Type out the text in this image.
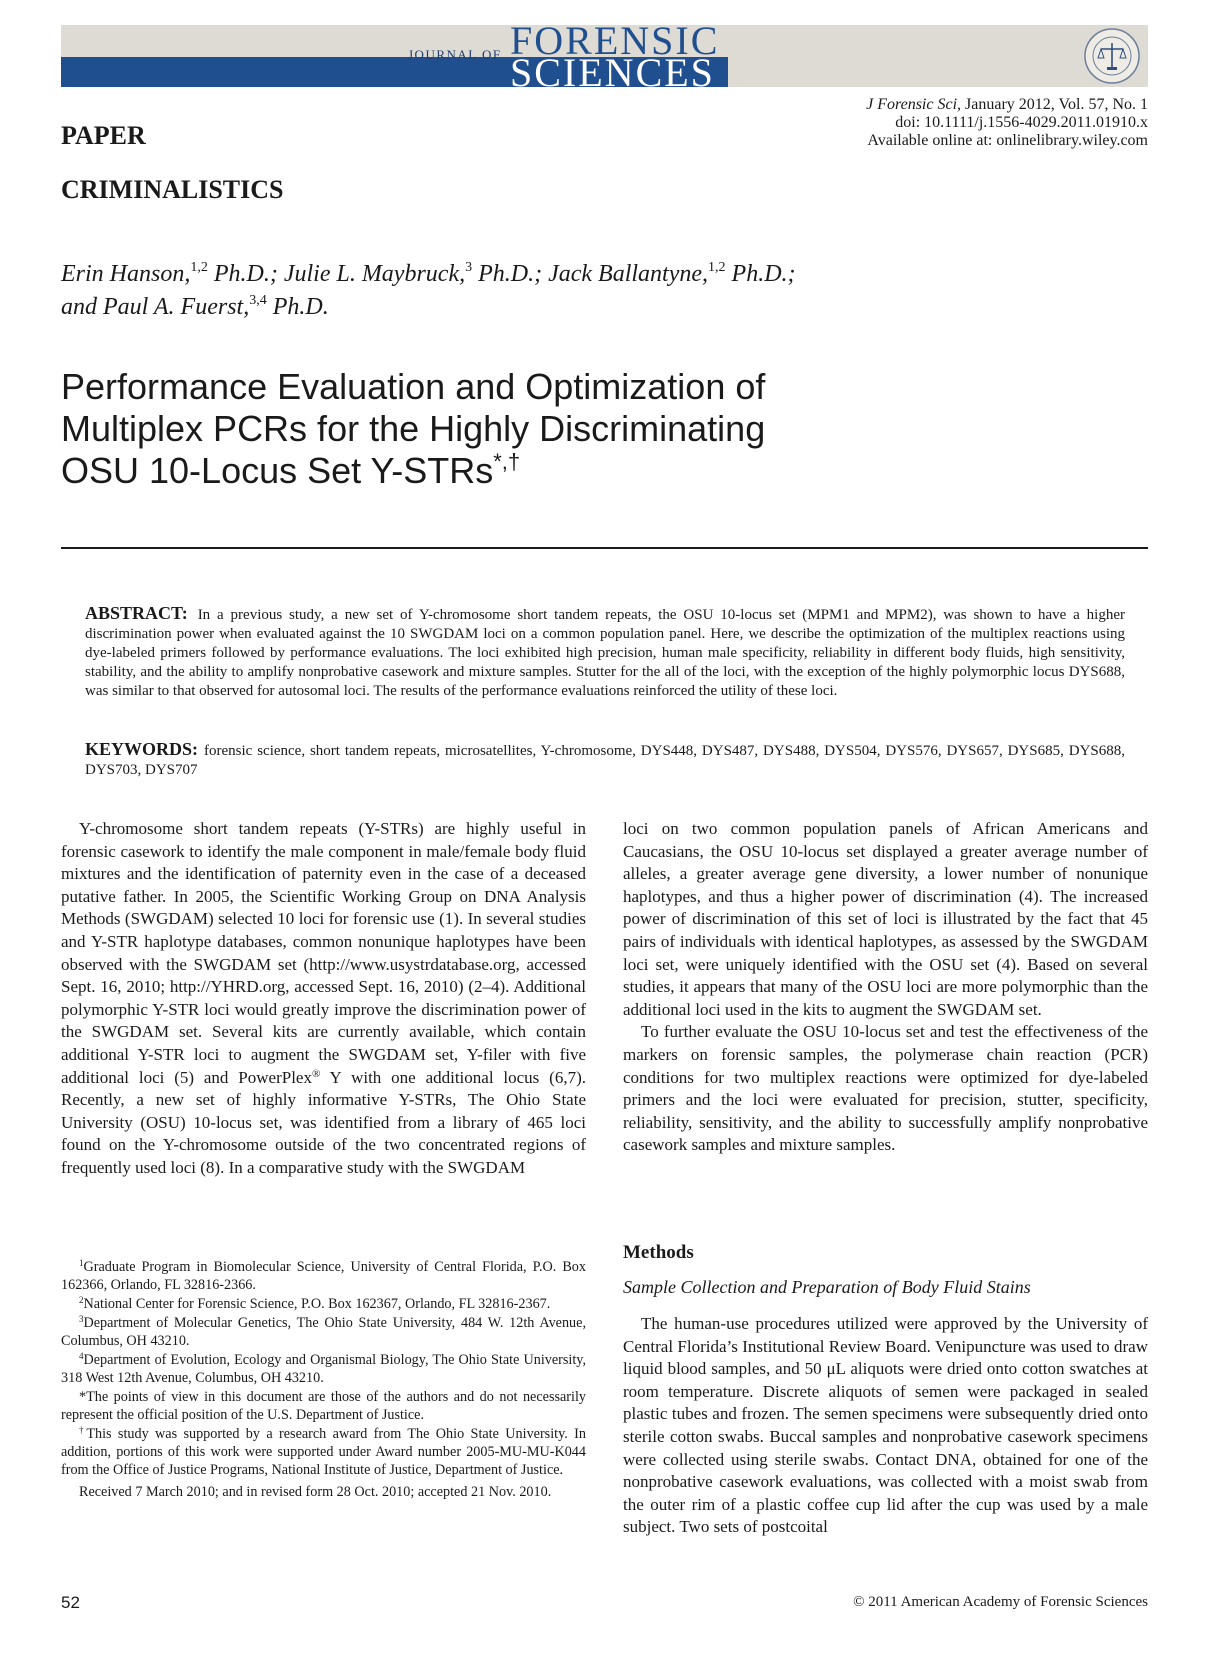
JOURNAL OF FORENSIC
SCIENCES
J Forensic Sci, January 2012, Vol. 57, No. 1
doi: 10.1111/j.1556-4029.2011.01910.x
Available online at: onlinelibrary.wiley.com
PAPER
CRIMINALISTICS
Erin Hanson,$^{1,2}$ Ph.D.; Julie L. Maybruck,$^3$ Ph.D.; Jack Ballantyne,$^{1,2}$ Ph.D.;
and Paul A. Fuerst,$^{3,4}$ Ph.D.
Performance Evaluation and Optimization of
Multiplex PCRs for the Highly Discriminating
OSU 10-Locus Set Y-STRs*,†
ABSTRACT: In a previous study, a new set of Y-chromosome short tandem repeats, the OSU 10-locus set (MPM1 and MPM2), was shown to have a higher discrimination power when evaluated against the 10 SWGDAM loci on a common population panel. Here, we describe the optimization of the multiplex reactions using dye-labeled primers followed by performance evaluations. The loci exhibited high precision, human male specificity, reliability in different body fluids, high sensitivity, stability, and the ability to amplify nonprobative casework and mixture samples. Stutter for the all of the loci, with the exception of the highly polymorphic locus DYS688, was similar to that observed for autosomal loci. The results of the performance evaluations reinforced the utility of these loci.
KEYWORDS: forensic science, short tandem repeats, microsatellites, Y-chromosome, DYS448, DYS487, DYS488, DYS504, DYS576, DYS657, DYS685, DYS688, DYS703, DYS707

Y-chromosome short tandem repeats (Y-STRs) are highly useful in forensic casework to identify the male component in male/female body fluid mixtures and the identification of paternity even in the case of a deceased putative father. In 2005, the Scientific Working Group on DNA Analysis Methods (SWGDAM) selected 10 loci for forensic use (1). In several studies and Y-STR haplotype databases, common nonunique haplotypes have been observed with the SWGDAM set (http://www.usystrdatabase.org, accessed Sept. 16, 2010; http://YHRD.org, accessed Sept. 16, 2010) (2–4). Additional polymorphic Y-STR loci would greatly improve the discrimination power of the SWGDAM set. Several kits are currently available, which contain additional Y-STR loci to augment the SWGDAM set, Y-filer with five additional loci (5) and PowerPlex® Y with one additional locus (6,7). Recently, a new set of highly informative Y-STRs, The Ohio State University (OSU) 10-locus set, was identified from a library of 465 loci found on the Y-chromosome outside of the two concentrated regions of frequently used loci (8). In a comparative study with the SWGDAM

loci on two common population panels of African Americans and Caucasians, the OSU 10-locus set displayed a greater average number of alleles, a greater average gene diversity, a lower number of nonunique haplotypes, and thus a higher power of discrimination (4). The increased power of discrimination of this set of loci is illustrated by the fact that 45 pairs of individuals with identical haplotypes, as assessed by the SWGDAM loci set, were uniquely identified with the OSU set (4). Based on several studies, it appears that many of the OSU loci are more polymorphic than the additional loci used in the kits to augment the SWGDAM set.

To further evaluate the OSU 10-locus set and test the effectiveness of the markers on forensic samples, the polymerase chain reaction (PCR) conditions for two multiplex reactions were optimized for dye-labeled primers and the loci were evaluated for precision, stutter, specificity, reliability, sensitivity, and the ability to successfully amplify nonprobative casework samples and mixture samples.

Methods
Sample Collection and Preparation of Body Fluid Stains

The human-use procedures utilized were approved by the University of Central Florida’s Institutional Review Board. Venipuncture was used to draw liquid blood samples, and 50 μL aliquots were dried onto cotton swatches at room temperature. Discrete aliquots of semen were packaged in sealed plastic tubes and frozen. The semen specimens were subsequently dried onto sterile cotton swabs. Buccal samples and nonprobative casework specimens were collected using sterile swabs. Contact DNA, obtained for one of the nonprobative casework evaluations, was collected with a moist swab from the outer rim of a plastic coffee cup lid after the cup was used by a male subject. Two sets of postcoital

$^1$Graduate Program in Biomolecular Science, University of Central Florida, P.O. Box 162366, Orlando, FL 32816-2366.

$^2$National Center for Forensic Science, P.O. Box 162367, Orlando, FL 32816-2367.

$^3$Department of Molecular Genetics, The Ohio State University, 484 W. 12th Avenue, Columbus, OH 43210.

$^4$Department of Evolution, Ecology and Organismal Biology, The Ohio State University, 318 West 12th Avenue, Columbus, OH 43210.

*The points of view in this document are those of the authors and do not necessarily represent the official position of the U.S. Department of Justice.

†This study was supported by a research award from The Ohio State University. In addition, portions of this work were supported under Award number 2005-MU-MU-K044 from the Office of Justice Programs, National Institute of Justice, Department of Justice.

Received 7 March 2010; and in revised form 28 Oct. 2010; accepted 21 Nov. 2010.

52	© 2011 American Academy of Forensic Sciences
